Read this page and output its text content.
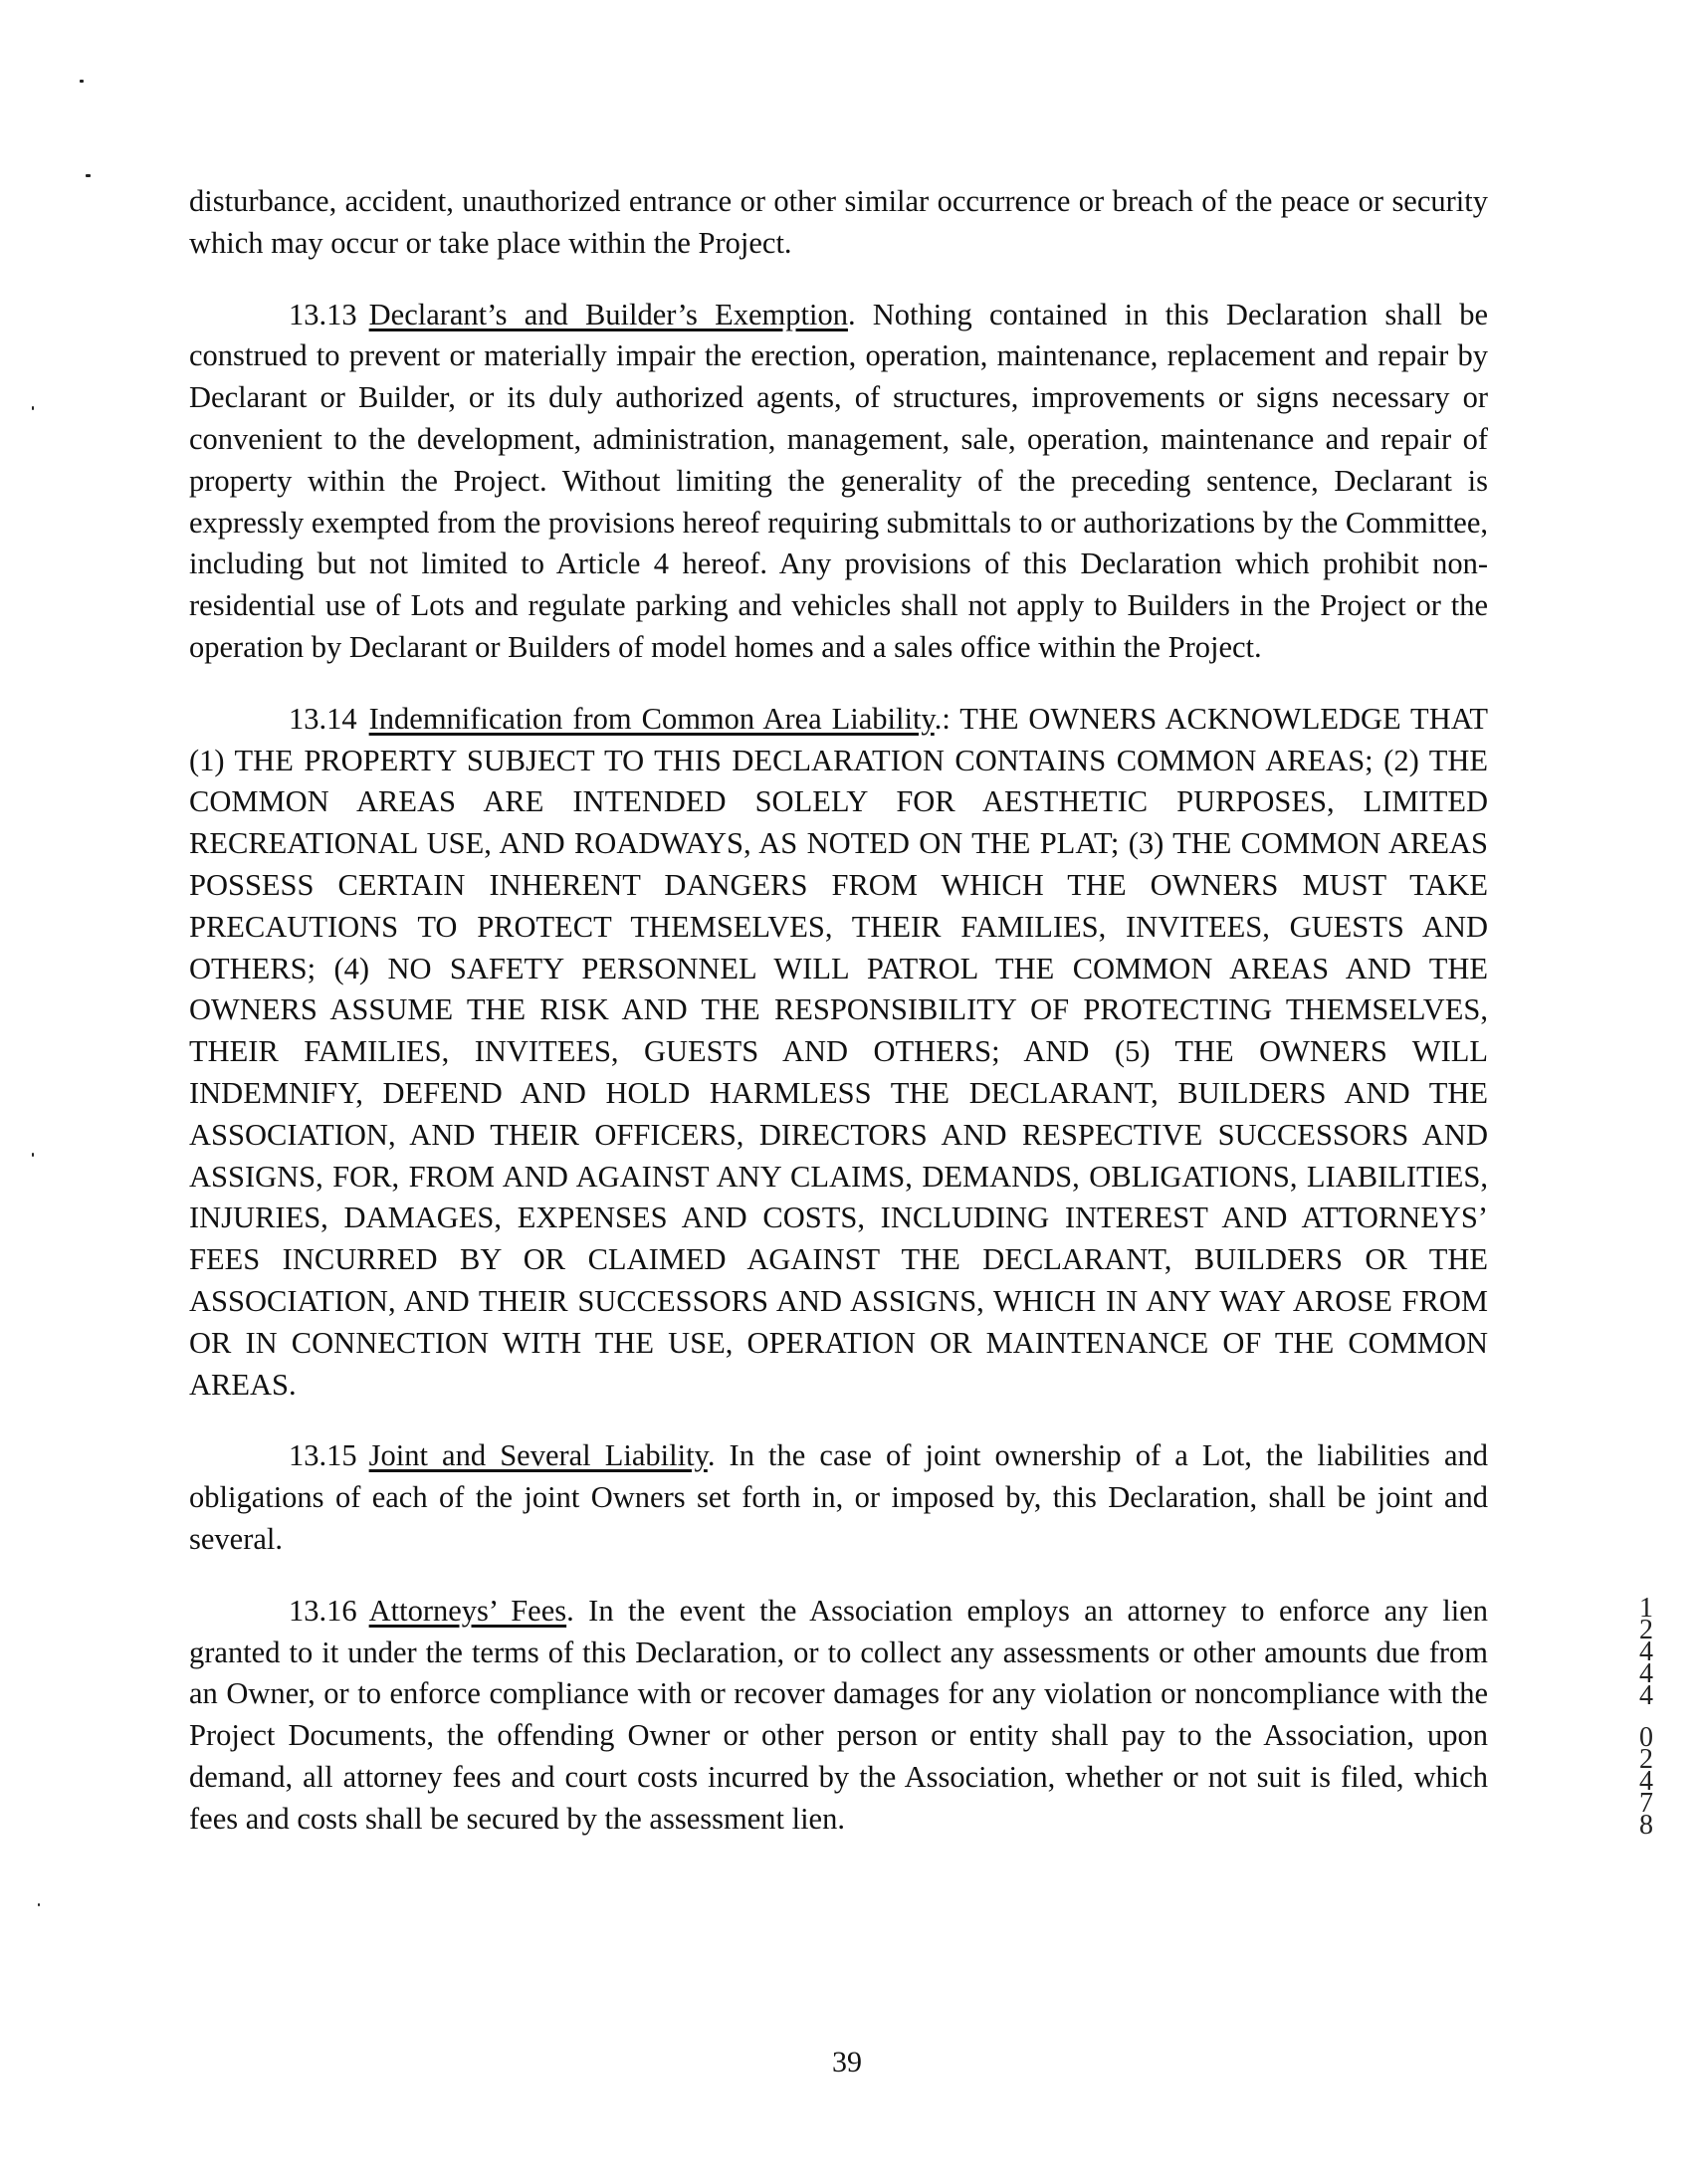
disturbance, accident, unauthorized entrance or other similar occurrence or breach of the peace or security which may occur or take place within the Project.

13.13 Declarant’s and Builder’s Exemption. Nothing contained in this Declaration shall be construed to prevent or materially impair the erection, operation, maintenance, replacement and repair by Declarant or Builder, or its duly authorized agents, of structures, improvements or signs necessary or convenient to the development, administration, management, sale, operation, maintenance and repair of property within the Project. Without limiting the generality of the preceding sentence, Declarant is expressly exempted from the provisions hereof requiring submittals to or authorizations by the Committee, including but not limited to Article 4 hereof. Any provisions of this Declaration which prohibit non-residential use of Lots and regulate parking and vehicles shall not apply to Builders in the Project or the operation by Declarant or Builders of model homes and a sales office within the Project.

13.14 Indemnification from Common Area Liability.: THE OWNERS ACKNOWLEDGE THAT (1) THE PROPERTY SUBJECT TO THIS DECLARATION CONTAINS COMMON AREAS; (2) THE COMMON AREAS ARE INTENDED SOLELY FOR AESTHETIC PURPOSES, LIMITED RECREATIONAL USE, AND ROADWAYS, AS NOTED ON THE PLAT; (3) THE COMMON AREAS POSSESS CERTAIN INHERENT DANGERS FROM WHICH THE OWNERS MUST TAKE PRECAUTIONS TO PROTECT THEMSELVES, THEIR FAMILIES, INVITEES, GUESTS AND OTHERS; (4) NO SAFETY PERSONNEL WILL PATROL THE COMMON AREAS AND THE OWNERS ASSUME THE RISK AND THE RESPONSIBILITY OF PROTECTING THEMSELVES, THEIR FAMILIES, INVITEES, GUESTS AND OTHERS; AND (5) THE OWNERS WILL INDEMNIFY, DEFEND AND HOLD HARMLESS THE DECLARANT, BUILDERS AND THE ASSOCIATION, AND THEIR OFFICERS, DIRECTORS AND RESPECTIVE SUCCESSORS AND ASSIGNS, FOR, FROM AND AGAINST ANY CLAIMS, DEMANDS, OBLIGATIONS, LIABILITIES, INJURIES, DAMAGES, EXPENSES AND COSTS, INCLUDING INTEREST AND ATTORNEYS’ FEES INCURRED BY OR CLAIMED AGAINST THE DECLARANT, BUILDERS OR THE ASSOCIATION, AND THEIR SUCCESSORS AND ASSIGNS, WHICH IN ANY WAY AROSE FROM OR IN CONNECTION WITH THE USE, OPERATION OR MAINTENANCE OF THE COMMON AREAS.

13.15 Joint and Several Liability. In the case of joint ownership of a Lot, the liabilities and obligations of each of the joint Owners set forth in, or imposed by, this Declaration, shall be joint and several.

13.16 Attorneys’ Fees. In the event the Association employs an attorney to enforce any lien granted to it under the terms of this Declaration, or to collect any assessments or other amounts due from an Owner, or to enforce compliance with or recover damages for any violation or noncompliance with the Project Documents, the offending Owner or other person or entity shall pay to the Association, upon demand, all attorney fees and court costs incurred by the Association, whether or not suit is filed, which fees and costs shall be secured by the assessment lien.

1
2
4
4
4
0
2
4
7
8
39
